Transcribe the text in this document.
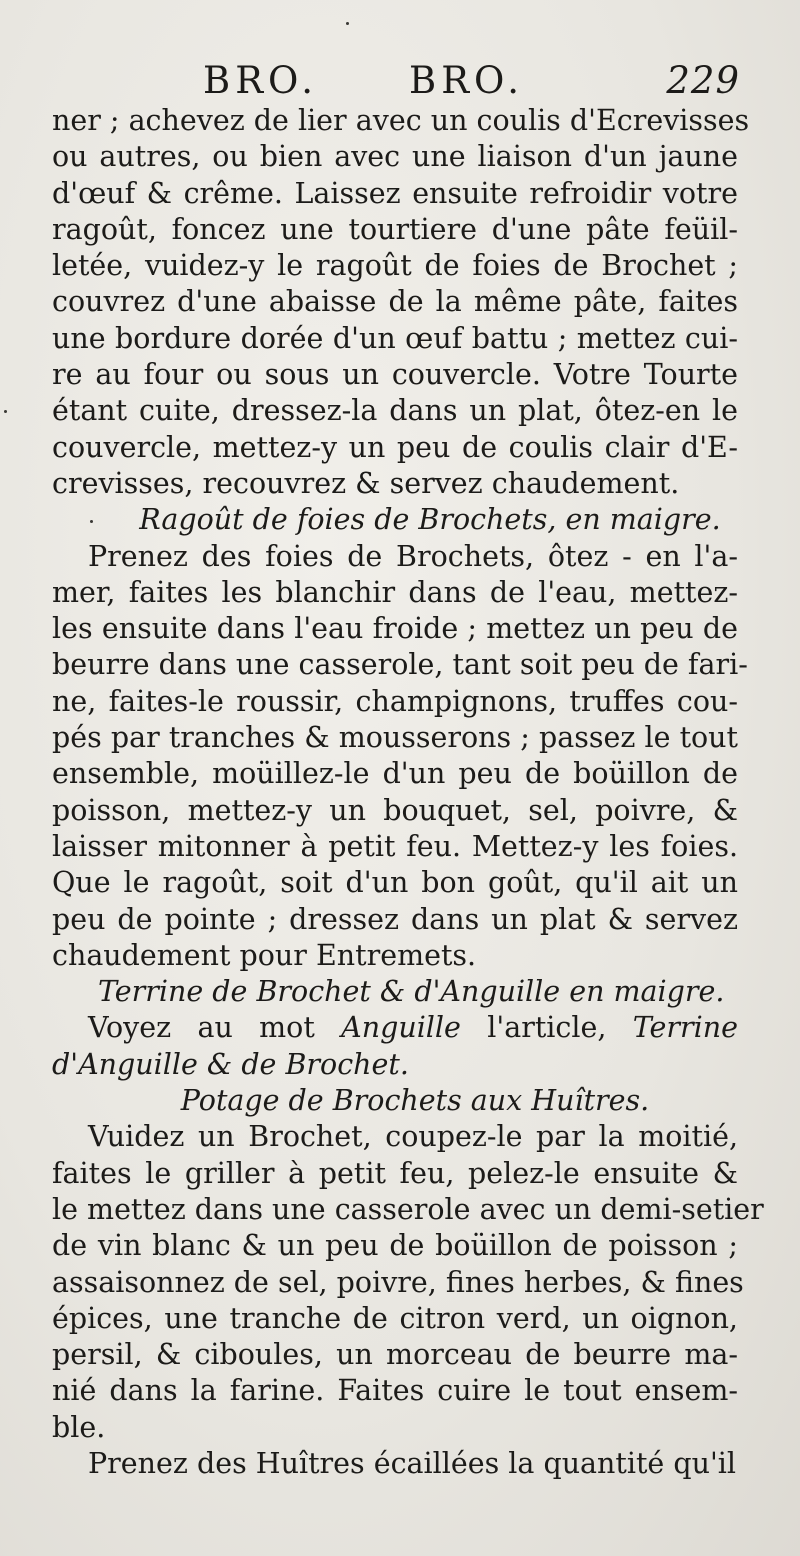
BRO. BRO.	229
ner ; achevez de lier avec un coulis d'Ecrevisses
ou autres, ou bien avec une liaison d'un jaune
d'œuf & crême. Laissez ensuite refroidir votre
ragoût, foncez une tourtiere d'une pâte feüil-
letée, vuidez-y le ragoût de foies de Brochet ;
couvrez d'une abaisse de la même pâte, faites
une bordure dorée d'un œuf battu ; mettez cui-
re au four ou sous un couvercle. Votre Tourte
étant cuite, dressez-la dans un plat, ôtez-en le
couvercle, mettez-y un peu de coulis clair d'E-
crevisses, recouvrez & servez chaudement.
Ragoût de foies de Brochets, en maigre.
Prenez des foies de Brochets, ôtez - en l'a-
mer, faites les blanchir dans de l'eau, mettez-
les ensuite dans l'eau froide ; mettez un peu de
beurre dans une casserole, tant soit peu de fari-
ne, faites-le roussir, champignons, truffes cou-
pés par tranches & mousserons ; passez le tout
ensemble, moüillez-le d'un peu de boüillon de
poisson, mettez-y un bouquet, sel, poivre, &
laisser mitonner à petit feu. Mettez-y les foies.
Que le ragoût, soit d'un bon goût, qu'il ait un
peu de pointe ; dressez dans un plat & servez
chaudement pour Entremets.
Terrine de Brochet & d'Anguille en maigre.
Voyez au mot Anguille l'article, Terrine
d'Anguille & de Brochet.
Potage de Brochets aux Huîtres.
Vuidez un Brochet, coupez-le par la moitié,
faites le griller à petit feu, pelez-le ensuite &
le mettez dans une casserole avec un demi-setier
de vin blanc & un peu de boüillon de poisson ;
assaisonnez de sel, poivre, fines herbes, & fines
épices, une tranche de citron verd, un oignon,
persil, & ciboules, un morceau de beurre ma-
nié dans la farine. Faites cuire le tout ensem-
ble.
Prenez des Huîtres écaillées la quantité qu'il
